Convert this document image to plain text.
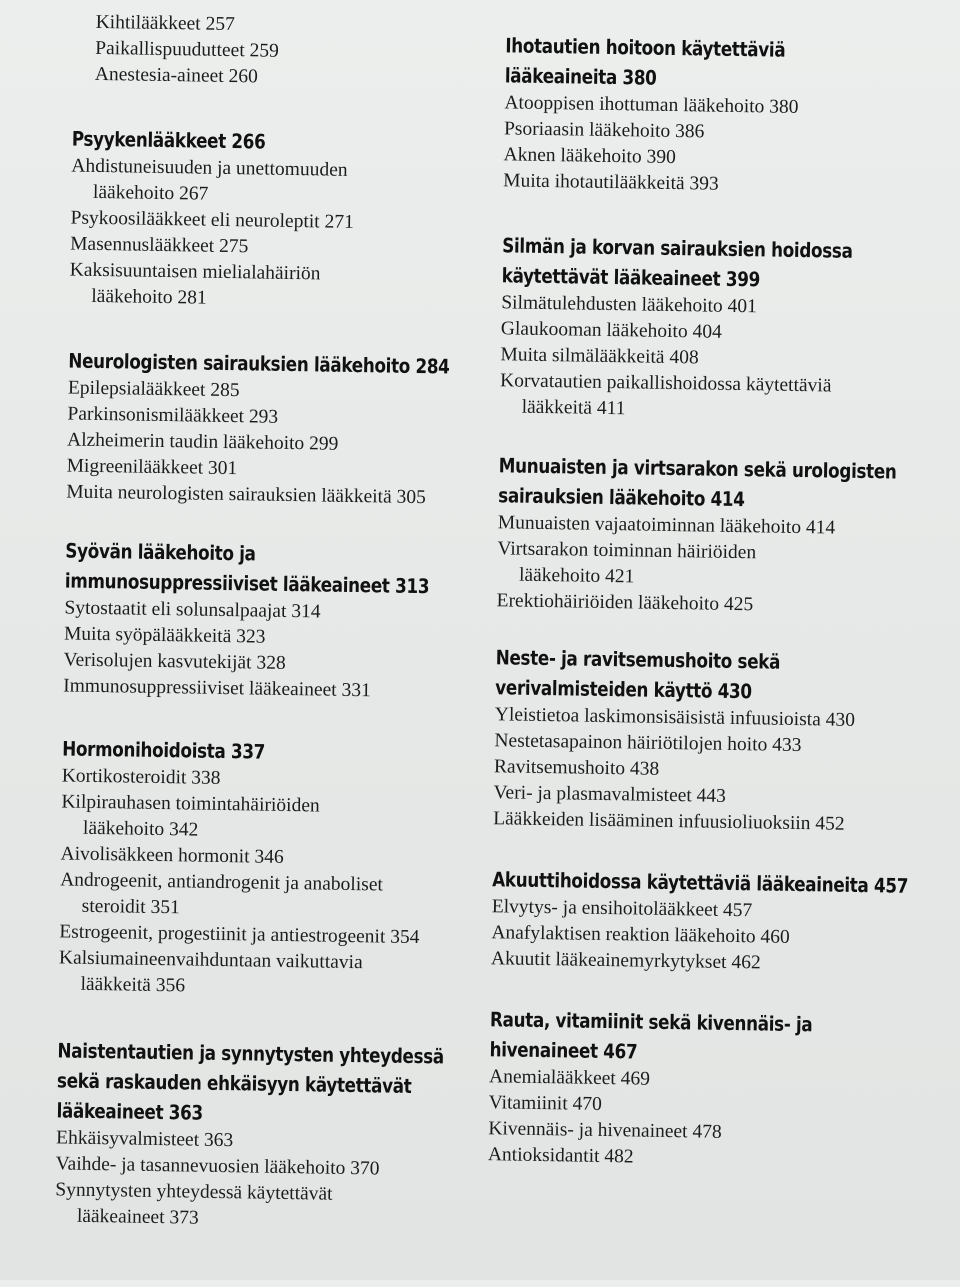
Kihtilääkkeet 257
Paikallispuudutteet 259
Anestesia-aineet 260
Psyykenlääkkeet 266
Ahdistuneisuuden ja unettomuuden
lääkehoito 267
Psykoosilääkkeet eli neuroleptit 271
Masennuslääkkeet 275
Kaksisuuntaisen mielialahäiriön
lääkehoito 281
Neurologisten sairauksien lääkehoito 284
Epilepsialääkkeet 285
Parkinsonismilääkkeet 293
Alzheimerin taudin lääkehoito 299
Migreenilääkkeet 301
Muita neurologisten sairauksien lääkkeitä 305
Syövän lääkehoito ja
immunosuppressiiviset lääkeaineet 313
Sytostaatit eli solunsalpaajat 314
Muita syöpälääkkeitä 323
Verisolujen kasvutekijät 328
Immunosuppressiiviset lääkeaineet 331
Hormonihoidoista 337
Kortikosteroidit 338
Kilpirauhasen toimintahäiriöiden
lääkehoito 342
Aivolisäkkeen hormonit 346
Androgeenit, antiandrogenit ja anaboliset
steroidit 351
Estrogeenit, progestiinit ja antiestrogeenit 354
Kalsiumaineenvaihduntaan vaikuttavia
lääkkeitä 356
Naistentautien ja synnytysten yhteydessä
sekä raskauden ehkäisyyn käytettävät
lääkeaineet 363
Ehkäisyvalmisteet 363
Vaihde- ja tasannevuosien lääkehoito 370
Synnytysten yhteydessä käytettävät
lääkeaineet 373
Ihotautien hoitoon käytettäviä
lääkeaineita 380
Atooppisen ihottuman lääkehoito 380
Psoriaasin lääkehoito 386
Aknen lääkehoito 390
Muita ihotautilääkkeitä 393
Silmän ja korvan sairauksien hoidossa
käytettävät lääkeaineet 399
Silmätulehdusten lääkehoito 401
Glaukooman lääkehoito 404
Muita silmälääkkeitä 408
Korvatautien paikallishoidossa käytettäviä
lääkkeitä 411
Munuaisten ja virtsarakon sekä urologisten
sairauksien lääkehoito 414
Munuaisten vajaatoiminnan lääkehoito 414
Virtsarakon toiminnan häiriöiden
lääkehoito 421
Erektiohäiriöiden lääkehoito 425
Neste- ja ravitsemushoito sekä
verivalmisteiden käyttö 430
Yleistietoa laskimonsisäisistä infuusioista 430
Nestetasapainon häiriötilojen hoito 433
Ravitsemushoito 438
Veri- ja plasmavalmisteet 443
Lääkkeiden lisääminen infuusioliuoksiin 452
Akuuttihoidossa käytettäviä lääkeaineita 457
Elvytys- ja ensihoitolääkkeet 457
Anafylaktisen reaktion lääkehoito 460
Akuutit lääkeainemyrkytykset 462
Rauta, vitamiinit sekä kivennäis- ja
hivenaineet 467
Anemialääkkeet 469
Vitamiinit 470
Kivennäis- ja hivenaineet 478
Antioksidantit 482
